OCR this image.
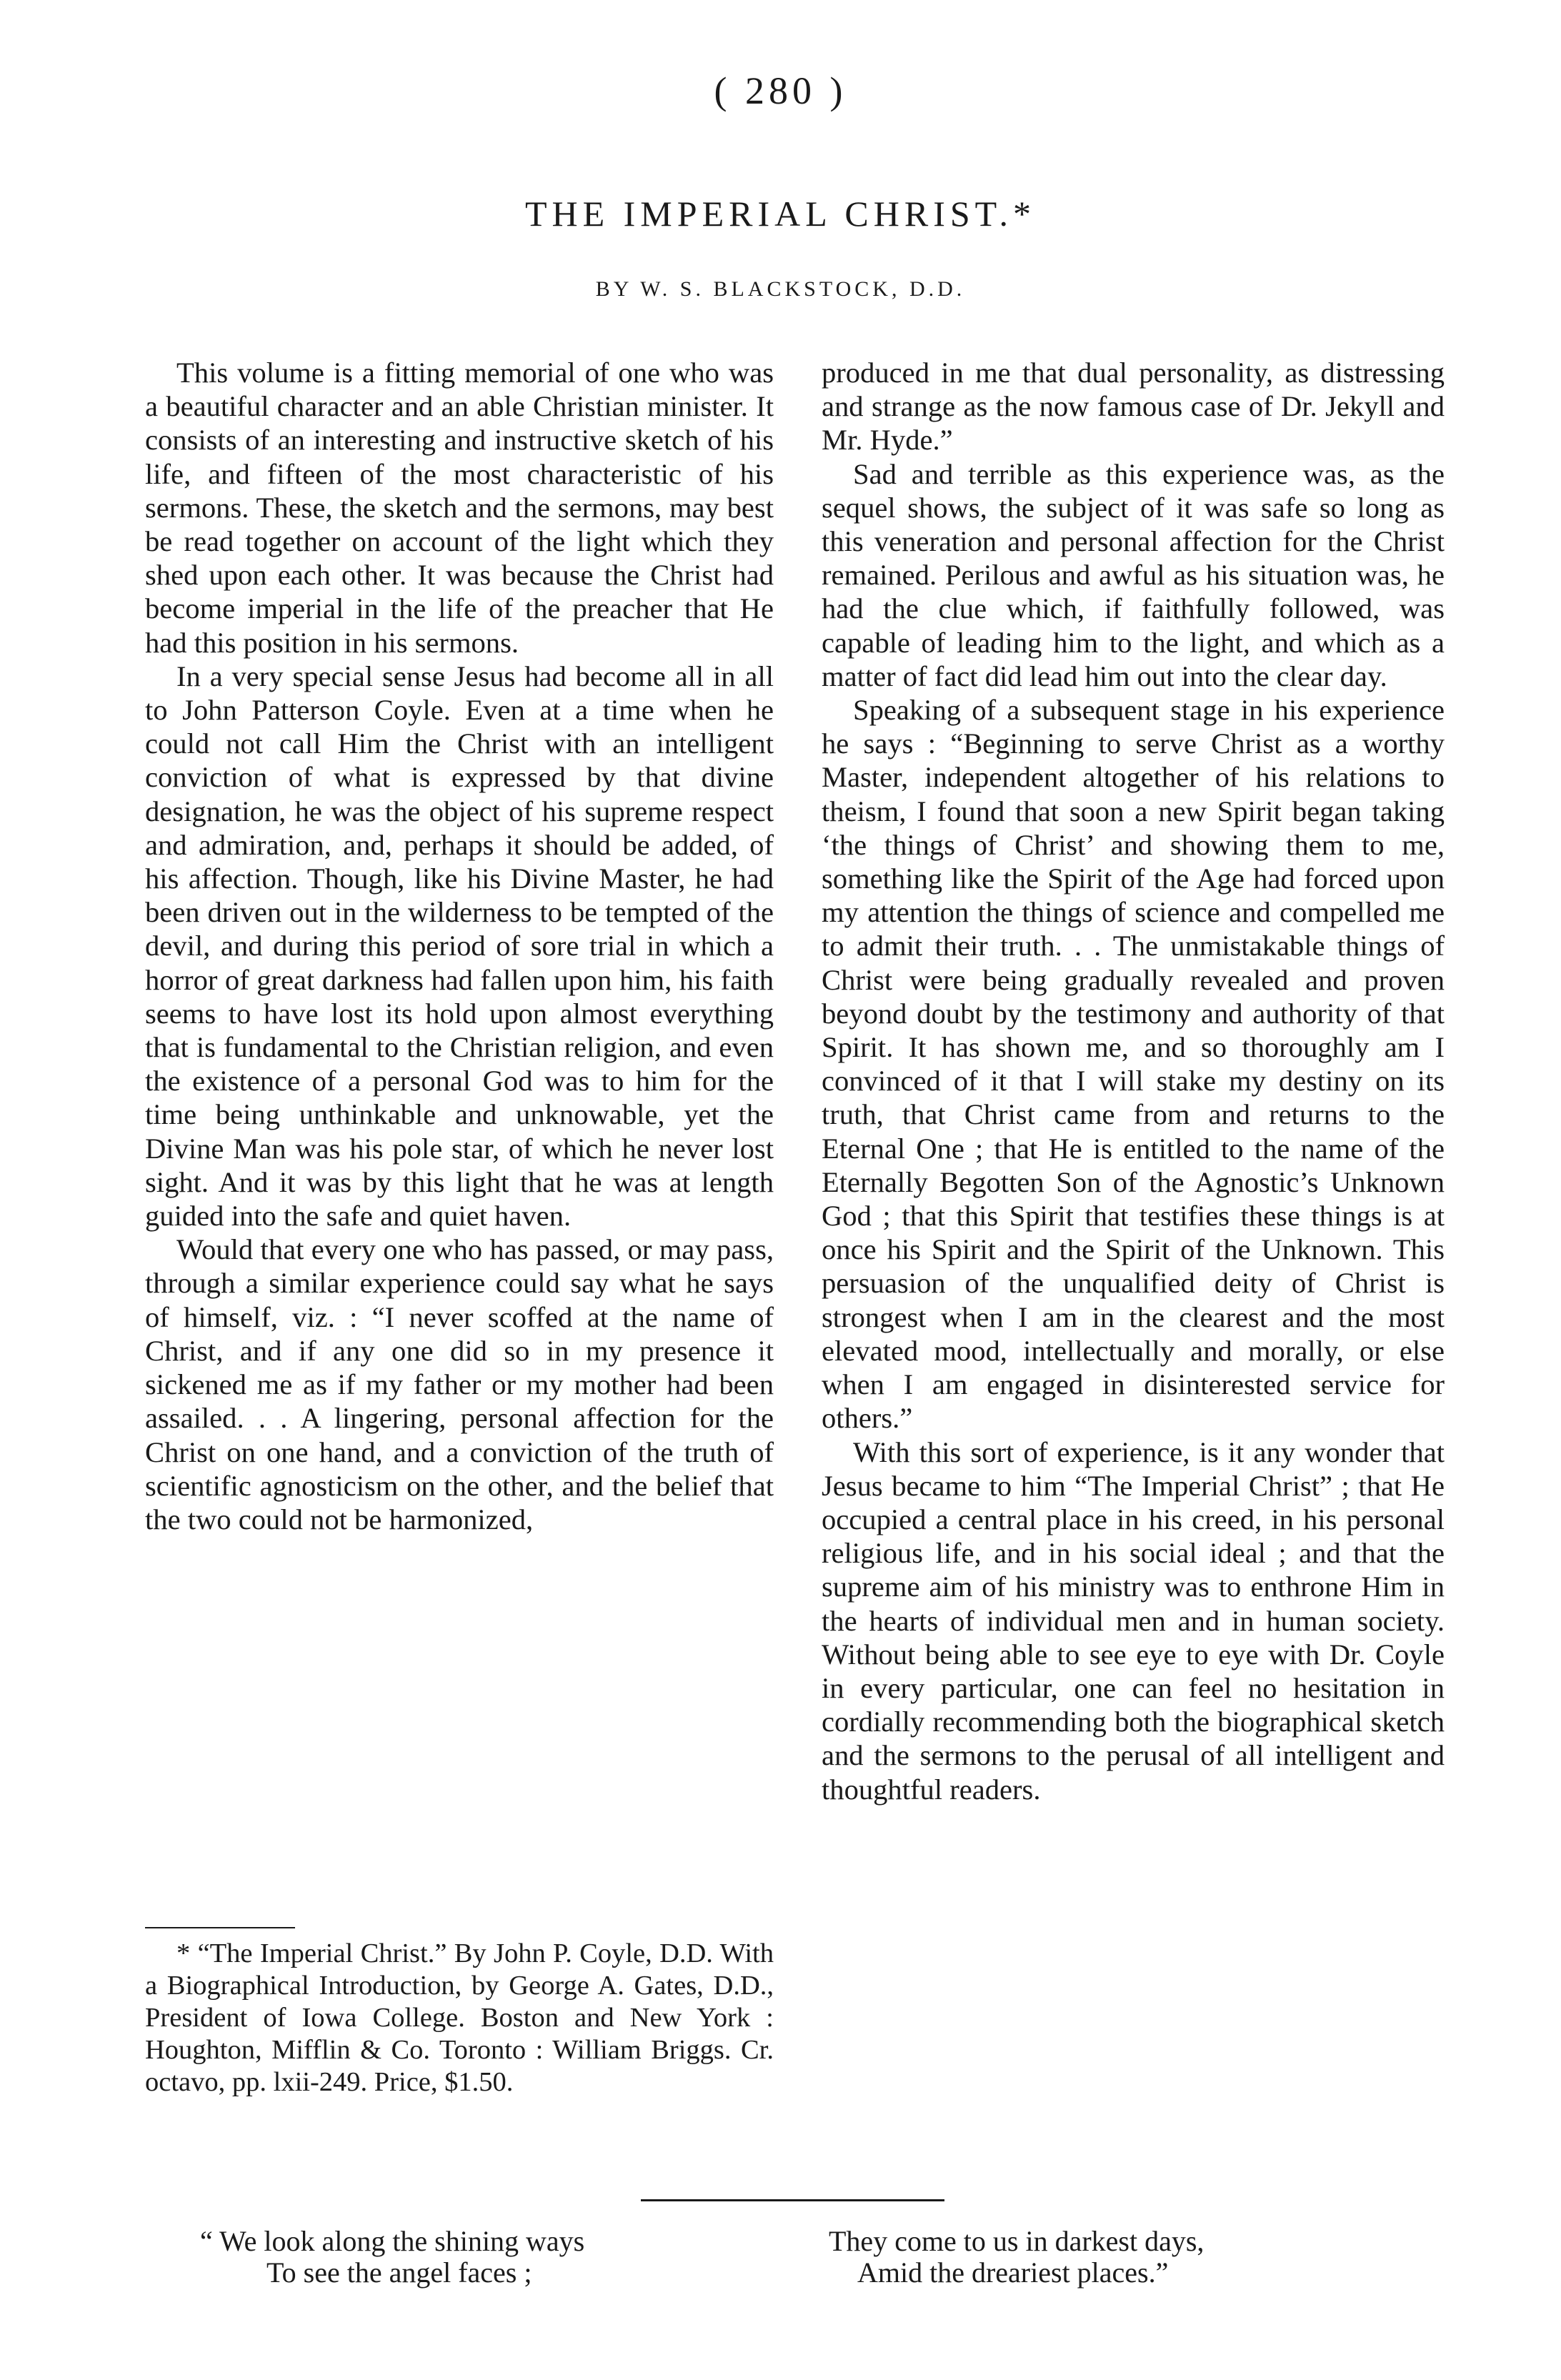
( 280 )
THE IMPERIAL CHRIST.*
BY W. S. BLACKSTOCK, D.D.

This volume is a fitting memorial of one who was a beautiful character and an able Christian minister. It consists of an interesting and instructive sketch of his life, and fifteen of the most characteristic of his sermons. These, the sketch and the sermons, may best be read together on account of the light which they shed upon each other. It was because the Christ had become imperial in the life of the preacher that He had this position in his sermons.

In a very special sense Jesus had become all in all to John Patterson Coyle. Even at a time when he could not call Him the Christ with an intelligent conviction of what is expressed by that divine designation, he was the object of his supreme respect and admiration, and, perhaps it should be added, of his affection. Though, like his Divine Master, he had been driven out in the wilderness to be tempted of the devil, and during this period of sore trial in which a horror of great darkness had fallen upon him, his faith seems to have lost its hold upon almost everything that is fundamental to the Christian religion, and even the existence of a personal God was to him for the time being unthinkable and unknowable, yet the Divine Man was his pole star, of which he never lost sight. And it was by this light that he was at length guided into the safe and quiet haven.

Would that every one who has passed, or may pass, through a similar experience could say what he says of himself, viz. : “I never scoffed at the name of Christ, and if any one did so in my presence it sickened me as if my father or my mother had been assailed. . . A lingering, personal affection for the Christ on one hand, and a conviction of the truth of scientific agnosticism on the other, and the belief that the two could not be harmonized,

produced in me that dual personality, as distressing and strange as the now famous case of Dr. Jekyll and Mr. Hyde.”

Sad and terrible as this experience was, as the sequel shows, the subject of it was safe so long as this veneration and personal affection for the Christ remained. Perilous and awful as his situation was, he had the clue which, if faithfully followed, was capable of leading him to the light, and which as a matter of fact did lead him out into the clear day.

Speaking of a subsequent stage in his experience he says : “Beginning to serve Christ as a worthy Master, independent altogether of his relations to theism, I found that soon a new Spirit began taking ‘the things of Christ’ and showing them to me, something like the Spirit of the Age had forced upon my attention the things of science and compelled me to admit their truth. . . The unmistakable things of Christ were being gradually revealed and proven beyond doubt by the testimony and authority of that Spirit. It has shown me, and so thoroughly am I convinced of it that I will stake my destiny on its truth, that Christ came from and returns to the Eternal One ; that He is entitled to the name of the Eternally Begotten Son of the Agnostic’s Unknown God ; that this Spirit that testifies these things is at once his Spirit and the Spirit of the Unknown. This persuasion of the unqualified deity of Christ is strongest when I am in the clearest and the most elevated mood, intellectually and morally, or else when I am engaged in disinterested service for others.”

With this sort of experience, is it any wonder that Jesus became to him “The Imperial Christ” ; that He occupied a central place in his creed, in his personal religious life, and in his social ideal ; and that the supreme aim of his ministry was to enthrone Him in the hearts of individual men and in human society. Without being able to see eye to eye with Dr. Coyle in every particular, one can feel no hesitation in cordially recommending both the biographical sketch and the sermons to the perusal of all intelligent and thoughtful readers.

* “The Imperial Christ.” By John P. Coyle, D.D. With a Biographical Introduction, by George A. Gates, D.D., President of Iowa College. Boston and New York : Houghton, Mifflin & Co. Toronto : William Briggs. Cr. octavo, pp. lxii-249. Price, $1.50.
“ We look along the shining ways
To see the angel faces ;
They come to us in darkest days,
Amid the dreariest places.”
